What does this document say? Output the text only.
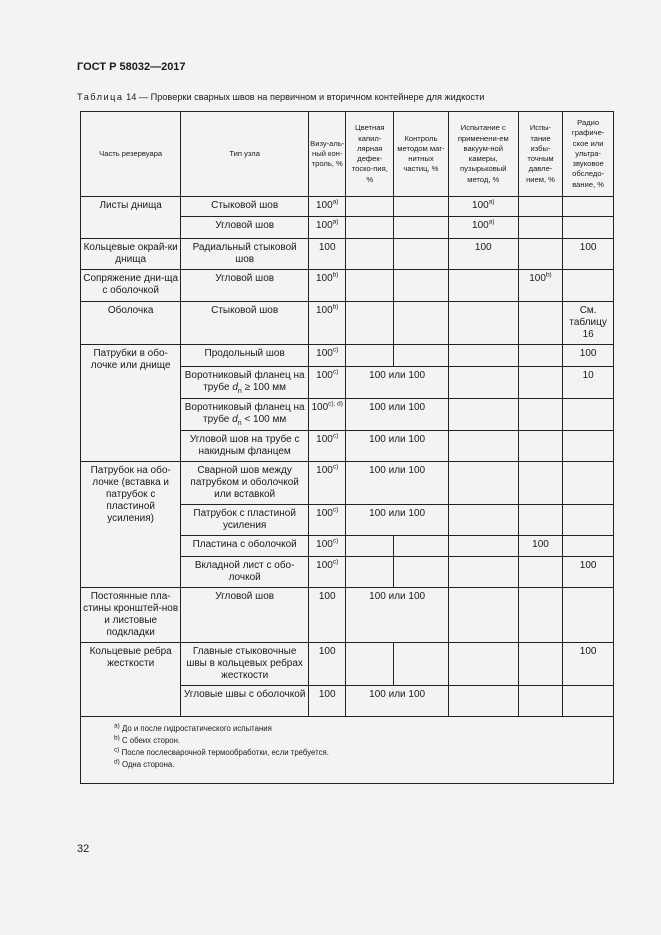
ГОСТ Р 58032—2017
Таблица 14 — Проверки сварных швов на первичном и вторичном контейнере для жидкости
Часть резервуара	Тип узла	Визу-аль-ный кон-троль, %	Цветная капил-лярная дефек-тоско-пия, %	Контроль методом маг-нитных частиц, %	Испытание с применени-ем вакуум-ной камеры, пузырьковый метод, %	Испы-тание избы-точным давле-нием, %	Радио графиче-ское или ультра-звуковое обследо-вание, %
Листы днища	Стыковой шов	100$^{a)}$			100$^{a)}$		
	Угловой шов	100$^{a)}$			100$^{a)}$		
Кольцевые окрай-ки днища	Радиальный стыковой шов	100			100		100
Сопряжение дни-ща с оболочкой	Угловой шов	100$^{b)}$				100$^{b)}$	
Оболочка	Стыковой шов	100$^{b)}$					См. таблицу 16
Патрубки в обо-лочке или днище	Продольный шов	100$^{c)}$					100
	Воротниковый фланец на трубе $d_n \ge 100$ мм	100$^{c)}$	100 или 100				10
	Воротниковый фланец на трубе $d_n < 100$ мм	$100^{c), d)}$	100 или 100				
	Угловой шов на трубе с накидным фланцем	100$^{c)}$	100 или 100				
Патрубок на обо-лочке (вставка и патрубок с пластиной усиления)	Сварной шов между патрубком и оболочкой или вставкой	100$^{c)}$	100 или 100				
	Патрубок с пластиной усиления	100$^{c)}$	100 или 100				
	Пластина с оболочкой	100$^{c)}$				100	
	Вкладной лист с обо-лочкой	100$^{c)}$					100
Постоянные пла-стины кронштей-нов и листовые подкладки	Угловой шов	100	100 или 100				
Кольцевые ребра жесткости	Главные стыковочные швы в кольцевых ребрах жесткости	100					100
	Угловые швы с оболочкой	100	100 или 100				

$^{a)}$ До и после гидростатического испытания
$^{b)}$ С обеих сторон.
$^{c)}$ После послесварочной термообработки, если требуется.
$^{d)}$ Одна сторона.							
32
